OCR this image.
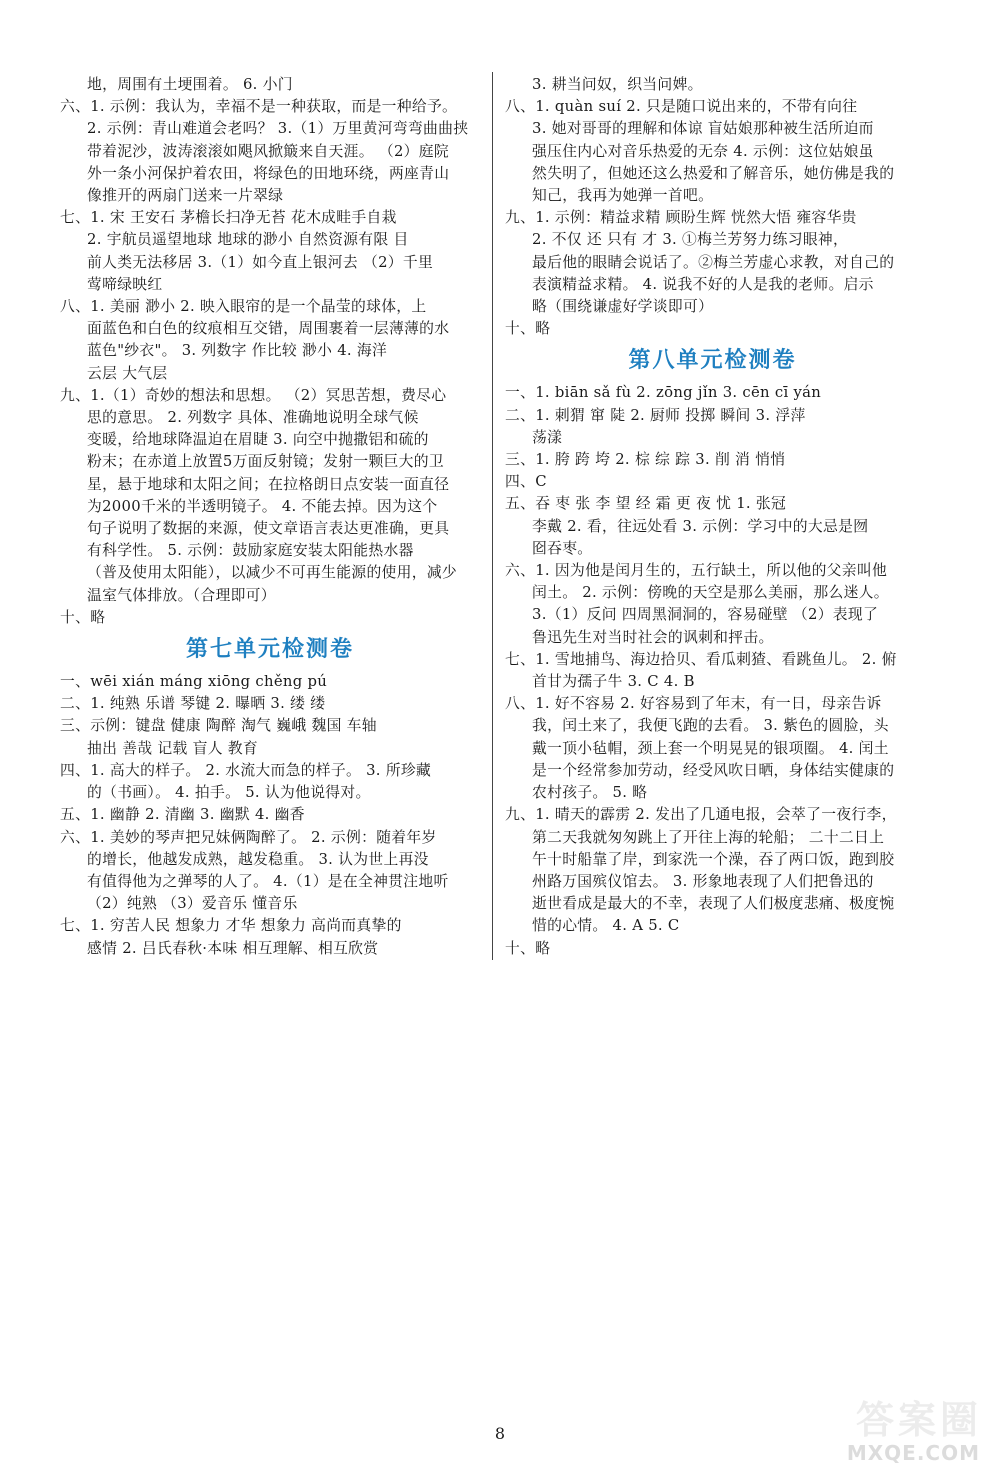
地，周围有土埂围着。 6. 小门
六、1. 示例：我认为，幸福不是一种获取，而是一种给予。
2. 示例：青山难道会老吗？ 3.（1）万里黄河弯弯曲曲挟
带着泥沙，波涛滚滚如飓风掀簸来自天涯。 （2）庭院
外一条小河保护着农田，将绿色的田地环绕，两座青山
像推开的两扇门送来一片翠绿
七、1. 宋 王安石 茅檐长扫净无苔 花木成畦手自栽
2. 宇航员遥望地球 地球的渺小 自然资源有限 目
前人类无法移居 3.（1）如今直上银河去 （2）千里
莺啼绿映红
八、1. 美丽 渺小 2. 映入眼帘的是一个晶莹的球体，上
面蓝色和白色的纹痕相互交错，周围裹着一层薄薄的水
蓝色"纱衣"。 3. 列数字 作比较 渺小 4. 海洋
云层 大气层
九、1.（1）奇妙的想法和思想。 （2）冥思苦想，费尽心
思的意思。 2. 列数字 具体、准确地说明全球气候
变暖，给地球降温迫在眉睫 3. 向空中抛撒铝和硫的
粉末；在赤道上放置5万面反射镜；发射一颗巨大的卫
星，悬于地球和太阳之间；在拉格朗日点安装一面直径
为2000千米的半透明镜子。 4. 不能去掉。因为这个
句子说明了数据的来源，使文章语言表达更准确，更具
有科学性。 5. 示例：鼓励家庭安装太阳能热水器
（普及使用太阳能），以减少不可再生能源的使用，减少
温室气体排放。（合理即可）
十、略
第七单元检测卷
一、wēi xián máng xiōng chěng pú
二、1. 纯熟 乐谱 琴键 2. 曝晒 3. 缕 缕
三、示例：键盘 健康 陶醉 淘气 巍峨 魏国 车轴
抽出 善哉 记载 盲人 教育
四、1. 高大的样子。 2. 水流大而急的样子。 3. 所珍藏
的（书画）。 4. 拍手。 5. 认为他说得对。
五、1. 幽静 2. 清幽 3. 幽默 4. 幽香
六、1. 美妙的琴声把兄妹俩陶醉了。 2. 示例：随着年岁
的增长，他越发成熟，越发稳重。 3. 认为世上再没
有值得他为之弹琴的人了。 4.（1）是在全神贯注地听
（2）纯熟 （3）爱音乐 懂音乐
七、1. 穷苦人民 想象力 才华 想象力 高尚而真挚的
感情 2. 吕氏春秋·本味 相互理解、相互欣赏
3. 耕当问奴，织当问婢。
八、1. quàn suí 2. 只是随口说出来的，不带有向往
3. 她对哥哥的理解和体谅 盲姑娘那种被生活所迫而
强压住内心对音乐热爱的无奈 4. 示例：这位姑娘虽
然失明了，但她还这么热爱和了解音乐，她仿佛是我的
知己，我再为她弹一首吧。
九、1. 示例：精益求精 顾盼生辉 恍然大悟 雍容华贵
2. 不仅 还 只有 才 3. ①梅兰芳努力练习眼神，
最后他的眼睛会说话了。②梅兰芳虚心求教，对自己的
表演精益求精。 4. 说我不好的人是我的老师。启示
略（围绕谦虚好学谈即可）
十、略
第八单元检测卷
一、1. biān sǎ fù 2. zōng jǐn 3. cēn cī yán
二、1. 刺猬 窜 陡 2. 厨师 投掷 瞬间 3. 浮萍
荡漾
三、1. 胯 跨 垮 2. 棕 综 踪 3. 削 消 悄悄
四、C
五、吞 枣 张 李 望 经 霜 更 夜 忧 1. 张冠
李戴 2. 看，往远处看 3. 示例：学习中的大忌是囫
囵吞枣。
六、1. 因为他是闰月生的，五行缺土，所以他的父亲叫他
闰土。 2. 示例：傍晚的天空是那么美丽，那么迷人。
3.（1）反问 四周黑洞洞的，容易碰壁 （2）表现了
鲁迅先生对当时社会的讽刺和抨击。
七、1. 雪地捕鸟、海边拾贝、看瓜刺猹、看跳鱼儿。 2. 俯
首甘为孺子牛 3. C 4. B
八、1. 好不容易 2. 好容易到了年末，有一日，母亲告诉
我，闰土来了，我便飞跑的去看。 3. 紫色的圆脸，头
戴一顶小毡帽，颈上套一个明晃晃的银项圈。 4. 闰土
是一个经常参加劳动，经受风吹日晒，身体结实健康的
农村孩子。 5. 略
九、1. 晴天的霹雳 2. 发出了几通电报，会萃了一夜行李，
第二天我就匆匆跳上了开往上海的轮船； 二十二日上
午十时船靠了岸，到家洗一个澡，吞了两口饭，跑到胶
州路万国殡仪馆去。 3. 形象地表现了人们把鲁迅的
逝世看成是最大的不幸，表现了人们极度悲痛、极度惋
惜的心情。 4. A 5. C
十、略
8	答案圈
MXQE.COM
